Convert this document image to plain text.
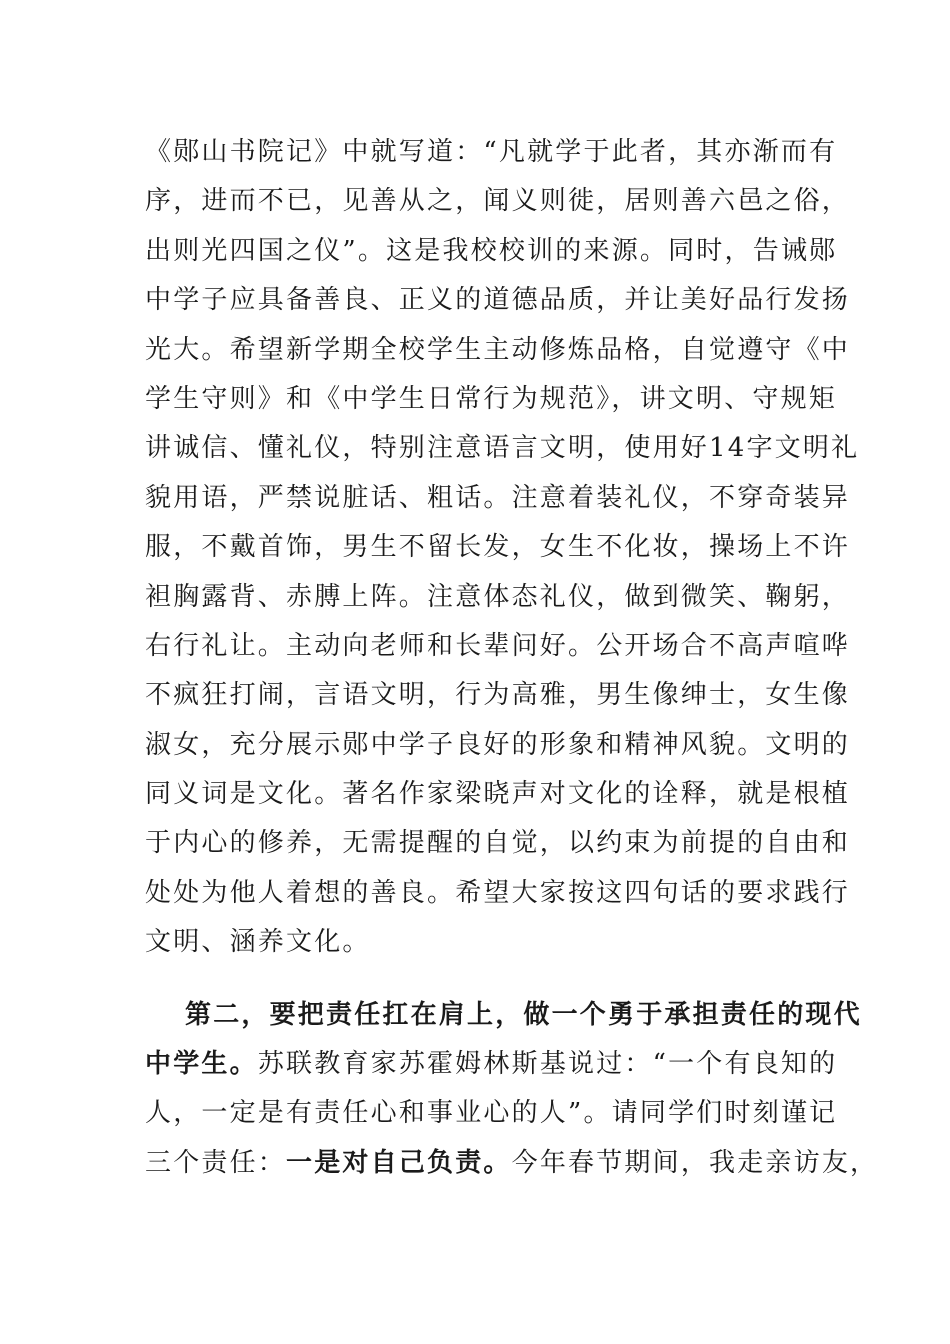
《郧山书院记》中就写道：“凡就学于此者，其亦渐而有
序，进而不已，见善从之，闻义则徙，居则善六邑之俗，
出则光四国之仪”。这是我校校训的来源。同时，告诫郧
中学子应具备善良、正义的道德品质，并让美好品行发扬
光大。希望新学期全校学生主动修炼品格，自觉遵守《中
学生守则》和《中学生日常行为规范》，讲文明、守规矩
讲诚信、懂礼仪，特别注意语言文明，使用好14字文明礼
貌用语，严禁说脏话、粗话。注意着装礼仪，不穿奇装异
服，不戴首饰，男生不留长发，女生不化妆，操场上不许
袒胸露背、赤膊上阵。注意体态礼仪，做到微笑、鞠躬，
右行礼让。主动向老师和长辈问好。公开场合不高声喧哗
不疯狂打闹，言语文明，行为高雅，男生像绅士，女生像
淑女，充分展示郧中学子良好的形象和精神风貌。文明的
同义词是文化。著名作家梁晓声对文化的诠释，就是根植
于内心的修养，无需提醒的自觉，以约束为前提的自由和
处处为他人着想的善良。希望大家按这四句话的要求践行
文明、涵养文化。
第二，要把责任扛在肩上，做一个勇于承担责任的现代
中学生。苏联教育家苏霍姆林斯基说过：“一个有良知的
人，一定是有责任心和事业心的人”。请同学们时刻谨记
三个责任：一是对自己负责。今年春节期间，我走亲访友，
